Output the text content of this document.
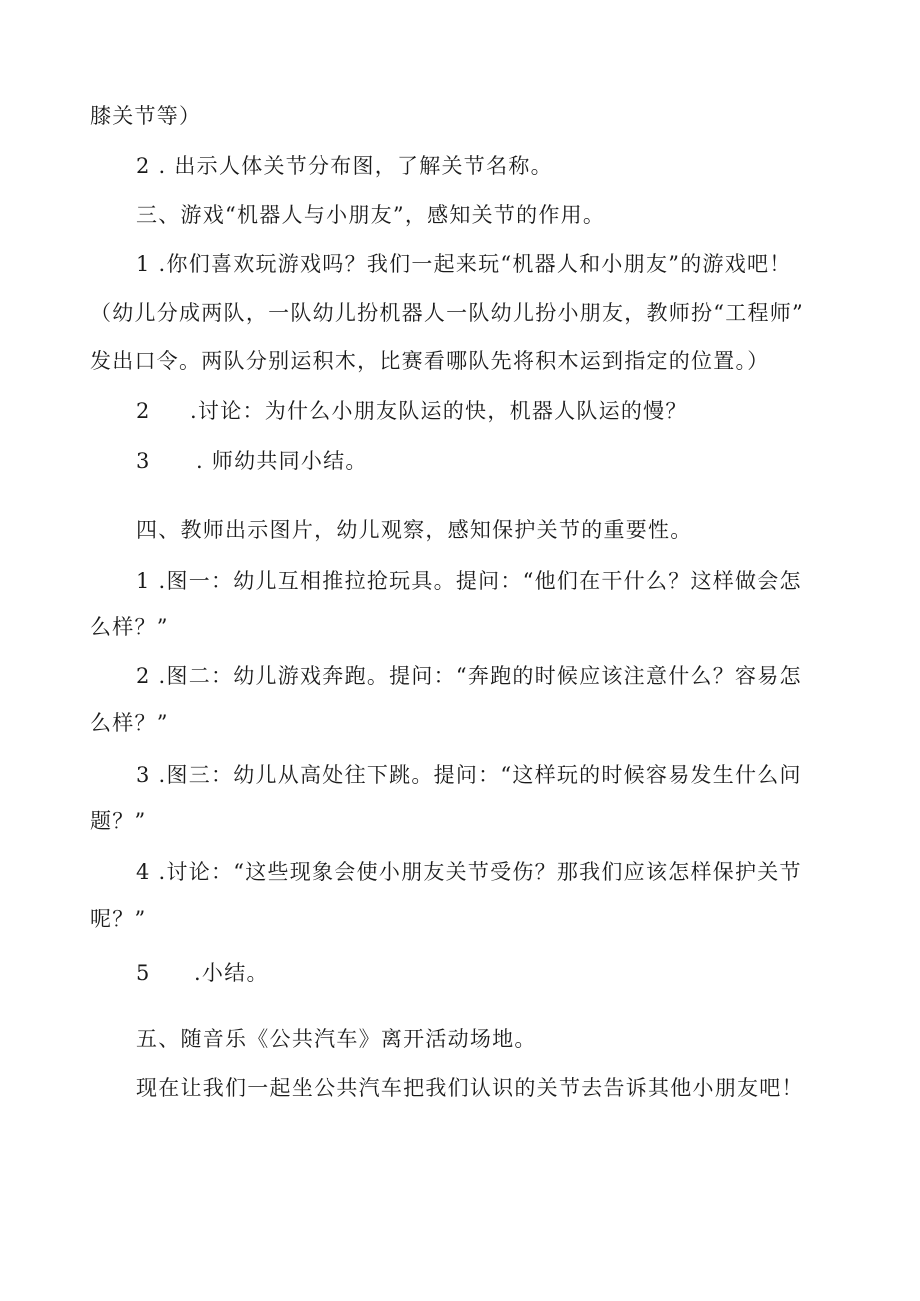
膝关节等）

2 . 出示人体关节分布图，了解关节名称。

三、游戏“机器人与小朋友”，感知关节的作用。

1 .你们喜欢玩游戏吗？我们一起来玩“机器人和小朋友”的游戏吧！

（幼儿分成两队，一队幼儿扮机器人一队幼儿扮小朋友，教师扮“工程师”

发出口令。两队分别运积木，比赛看哪队先将积木运到指定的位置。）

2 .讨论：为什么小朋友队运的快，机器人队运的慢？

3 . 师幼共同小结。

四、教师出示图片，幼儿观察，感知保护关节的重要性。

1 .图一：幼儿互相推拉抢玩具。提问：“他们在干什么？这样做会怎

么样？”

2 .图二：幼儿游戏奔跑。提问：“奔跑的时候应该注意什么？容易怎

么样？”

3 .图三：幼儿从高处往下跳。提问：“这样玩的时候容易发生什么问

题？”

4 .讨论：“这些现象会使小朋友关节受伤？那我们应该怎样保护关节

呢？”

5 .小结。

五、随音乐《公共汽车》离开活动场地。

现在让我们一起坐公共汽车把我们认识的关节去告诉其他小朋友吧！
